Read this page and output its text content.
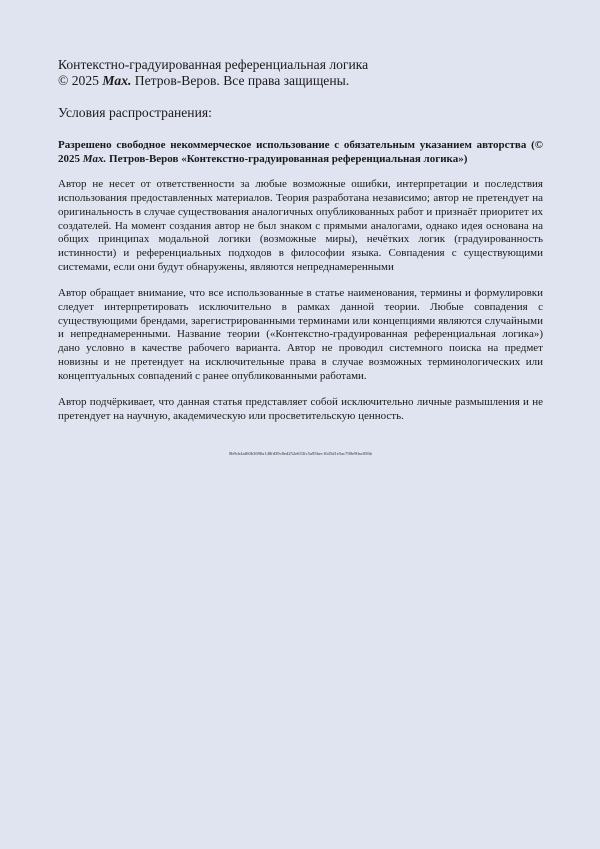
Контекстно-градуированная референциальная логика

© 2025 Max. Петров-Веров. Все права защищены.

Условия распространения:

Разрешено свободное некоммерческое использование с обязательным указанием авторства (© 2025 Max. Петров-Веров «Контекстно-градуированная референциальная логика»)

Автор не несет от ответственности за любые возможные ошибки, интерпретации и последствия использования предоставленных материалов. Теория разработана независимо; автор не претендует на оригинальность в случае существования аналогичных опубликованных работ и признаёт приоритет их создателей. На момент создания автор не был знаком с прямыми аналогами, однако идея основана на общих принципах модальной логики (возможные миры), нечётких логик (градуированность истинности) и референциальных подходов в философии языка. Совпадения с существующими системами, если они будут обнаружены, являются непреднамеренными

Автор обращает внимание, что все использованные в статье наименования, термины и формулировки следует интерпретировать исключительно в рамках данной теории. Любые совпадения с существующими брендами, зарегистрированными терминами или концепциями являются случайными и непреднамеренными. Название теории («Контекстно-градуированная референциальная логика») дано условно в качестве рабочего варианта. Автор не проводил системного поиска на предмет новизны и не претендует на исключительные права в случае возможных терминологических или концептуальных совпадений с ранее опубликованными работами.

Автор подчёркивает, что данная статья представляет собой исключительно личные размышления и не претендует на научную, академическую или просветительскую ценность.

8b9cb4af60b3690a148fd39c8ed252e653fc5a95bec1645d1e5ac700e90ac056b
